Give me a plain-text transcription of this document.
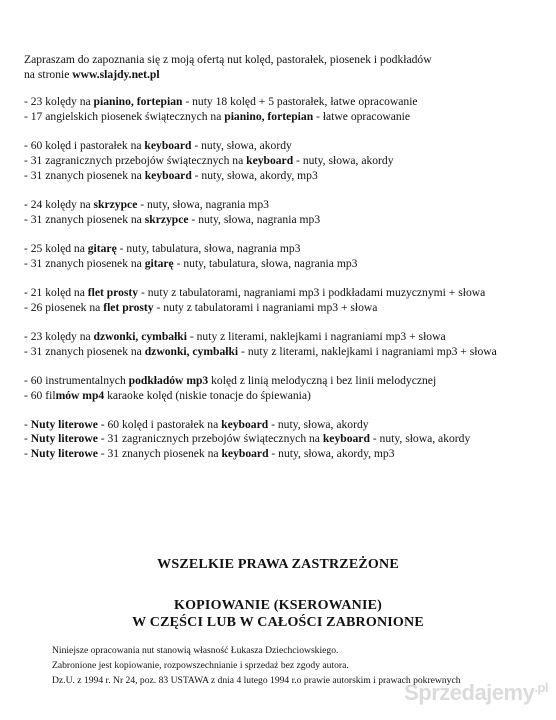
Zapraszam do zapoznania się z moją ofertą nut kolęd, pastorałek, piosenek i podkładów
na stronie www.slajdy.net.pl
- 23 kolędy na pianino, fortepian - nuty 18 kolęd + 5 pastorałek, łatwe opracowanie
- 17 angielskich piosenek świątecznych na pianino, fortepian - łatwe opracowanie
- 60 kolęd i pastorałek na keyboard - nuty, słowa, akordy
- 31 zagranicznych przebojów świątecznych na keyboard - nuty, słowa, akordy
- 31 znanych piosenek na keyboard - nuty, słowa, akordy, mp3
- 24 kolędy na skrzypce - nuty, słowa, nagrania mp3
- 31 znanych piosenek na skrzypce - nuty, słowa, nagrania mp3
- 25 kolęd na gitarę - nuty, tabulatura, słowa, nagrania mp3
- 31 znanych piosenek na gitarę - nuty, tabulatura, słowa, nagrania mp3
- 21 kolęd na flet prosty - nuty z tabulatorami, nagraniami mp3 i podkładami muzycznymi + słowa
- 26 piosenek na flet prosty - nuty z tabulatorami i nagraniami mp3 + słowa
- 23 kolędy na dzwonki, cymbałki - nuty z literami, naklejkami i nagraniami mp3 + słowa
- 31 znanych piosenek na dzwonki, cymbałki - nuty z literami, naklejkami i nagraniami mp3 + słowa
- 60 instrumentalnych podkładów mp3 kolęd z linią melodyczną i bez linii melodycznej
- 60 filmów mp4 karaoke kolęd (niskie tonacje do śpiewania)
- Nuty literowe - 60 kolęd i pastorałek na keyboard - nuty, słowa, akordy
- Nuty literowe - 31 zagranicznych przebojów świątecznych na keyboard - nuty, słowa, akordy
- Nuty literowe - 31 znanych piosenek na keyboard - nuty, słowa, akordy, mp3
WSZELKIE PRAWA ZASTRZEŻONE
KOPIOWANIE (KSEROWANIE)
W CZĘŚCI LUB W CAŁOŚCI ZABRONIONE
Niniejsze opracowania nut stanowią własność Łukasza Dziechciowskiego.
Zabronione jest kopiowanie, rozpowszechnianie i sprzedaż bez zgody autora.
Dz.U. z 1994 r. Nr 24, poz. 83 USTAWA z dnia 4 lutego 1994 r.o prawie autorskim i prawach pokrewnych
Sprzedajemy$^{.pl}$
